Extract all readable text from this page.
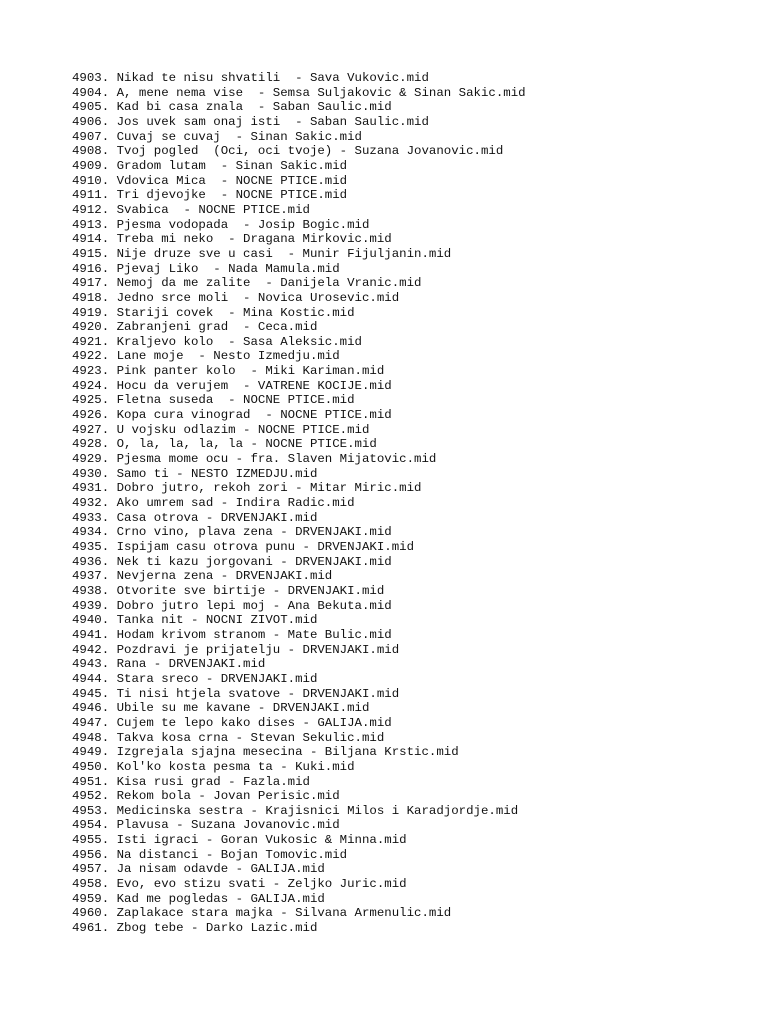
4903. Nikad te nisu shvatili  - Sava Vukovic.mid
4904. A, mene nema vise  - Semsa Suljakovic & Sinan Sakic.mid
4905. Kad bi casa znala  - Saban Saulic.mid
4906. Jos uvek sam onaj isti  - Saban Saulic.mid
4907. Cuvaj se cuvaj  - Sinan Sakic.mid
4908. Tvoj pogled  (Oci, oci tvoje) - Suzana Jovanovic.mid
4909. Gradom lutam  - Sinan Sakic.mid
4910. Vdovica Mica  - NOCNE PTICE.mid
4911. Tri djevojke  - NOCNE PTICE.mid
4912. Svabica  - NOCNE PTICE.mid
4913. Pjesma vodopada  - Josip Bogic.mid
4914. Treba mi neko  - Dragana Mirkovic.mid
4915. Nije druze sve u casi  - Munir Fijuljanin.mid
4916. Pjevaj Liko  - Nada Mamula.mid
4917. Nemoj da me zalite  - Danijela Vranic.mid
4918. Jedno srce moli  - Novica Urosevic.mid
4919. Stariji covek  - Mina Kostic.mid
4920. Zabranjeni grad  - Ceca.mid
4921. Kraljevo kolo  - Sasa Aleksic.mid
4922. Lane moje  - Nesto Izmedju.mid
4923. Pink panter kolo  - Miki Kariman.mid
4924. Hocu da verujem  - VATRENE KOCIJE.mid
4925. Fletna suseda  - NOCNE PTICE.mid
4926. Kopa cura vinograd  - NOCNE PTICE.mid
4927. U vojsku odlazim - NOCNE PTICE.mid
4928. O, la, la, la, la - NOCNE PTICE.mid
4929. Pjesma mome ocu - fra. Slaven Mijatovic.mid
4930. Samo ti - NESTO IZMEDJU.mid
4931. Dobro jutro, rekoh zori - Mitar Miric.mid
4932. Ako umrem sad - Indira Radic.mid
4933. Casa otrova - DRVENJAKI.mid
4934. Crno vino, plava zena - DRVENJAKI.mid
4935. Ispijam casu otrova punu - DRVENJAKI.mid
4936. Nek ti kazu jorgovani - DRVENJAKI.mid
4937. Nevjerna zena - DRVENJAKI.mid
4938. Otvorite sve birtije - DRVENJAKI.mid
4939. Dobro jutro lepi moj - Ana Bekuta.mid
4940. Tanka nit - NOCNI ZIVOT.mid
4941. Hodam krivom stranom - Mate Bulic.mid
4942. Pozdravi je prijatelju - DRVENJAKI.mid
4943. Rana - DRVENJAKI.mid
4944. Stara sreco - DRVENJAKI.mid
4945. Ti nisi htjela svatove - DRVENJAKI.mid
4946. Ubile su me kavane - DRVENJAKI.mid
4947. Cujem te lepo kako dises - GALIJA.mid
4948. Takva kosa crna - Stevan Sekulic.mid
4949. Izgrejala sjajna mesecina - Biljana Krstic.mid
4950. Kol'ko kosta pesma ta - Kuki.mid
4951. Kisa rusi grad - Fazla.mid
4952. Rekom bola - Jovan Perisic.mid
4953. Medicinska sestra - Krajisnici Milos i Karadjordje.mid
4954. Plavusa - Suzana Jovanovic.mid
4955. Isti igraci - Goran Vukosic & Minna.mid
4956. Na distanci - Bojan Tomovic.mid
4957. Ja nisam odavde - GALIJA.mid
4958. Evo, evo stizu svati - Zeljko Juric.mid
4959. Kad me pogledas - GALIJA.mid
4960. Zaplakace stara majka - Silvana Armenulic.mid
4961. Zbog tebe - Darko Lazic.mid
